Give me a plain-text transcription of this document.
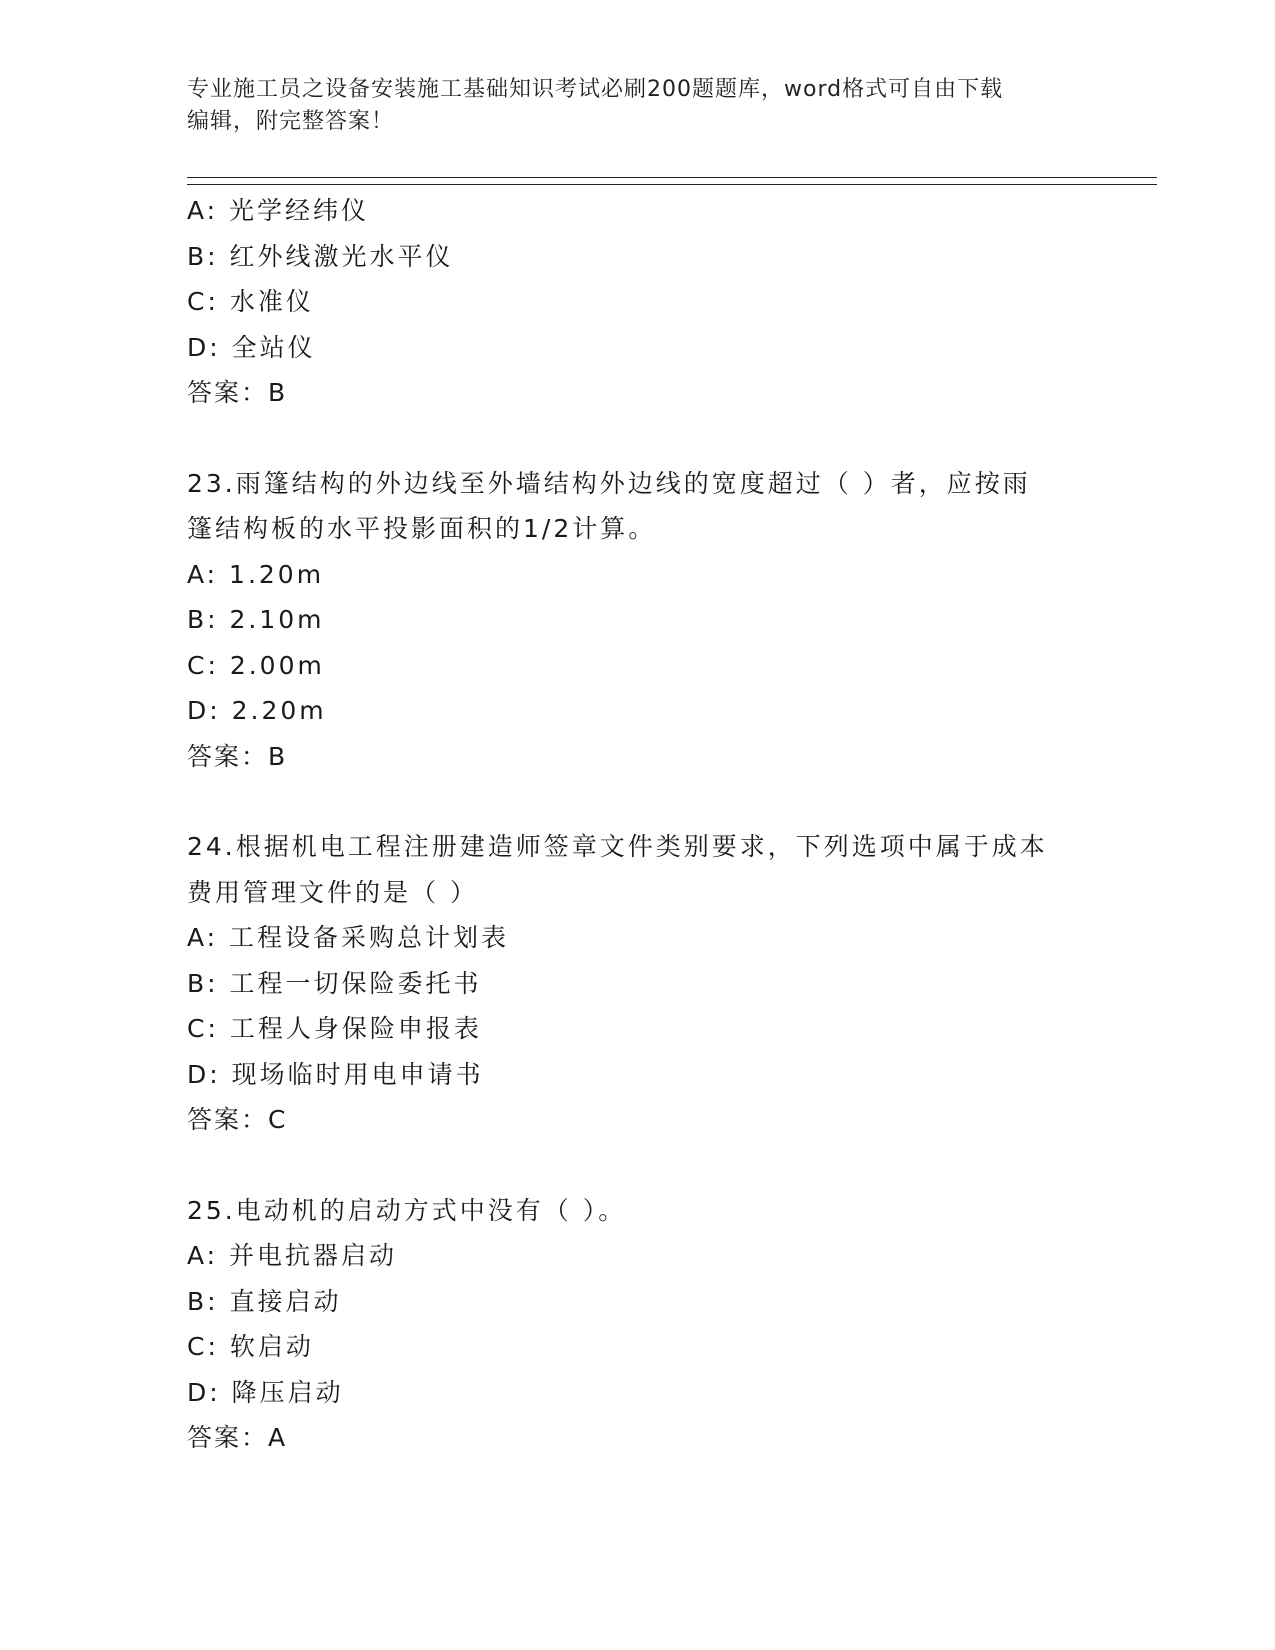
专业施工员之设备安装施工基础知识考试必刷200题题库，word格式可自由下载
编辑，附完整答案！
A: 光学经纬仪
B: 红外线激光水平仪
C: 水准仪
D: 全站仪
答案：B
23.雨篷结构的外边线至外墙结构外边线的宽度超过（ ）者，应按雨
篷结构板的水平投影面积的1/2计算。
A: 1.20m
B: 2.10m
C: 2.00m
D: 2.20m
答案：B
24.根据机电工程注册建造师签章文件类别要求，下列选项中属于成本
费用管理文件的是（ ）
A: 工程设备采购总计划表
B: 工程一切保险委托书
C: 工程人身保险申报表
D: 现场临时用电申请书
答案：C
25.电动机的启动方式中没有（ ）。
A: 并电抗器启动
B: 直接启动
C: 软启动
D: 降压启动
答案：A
